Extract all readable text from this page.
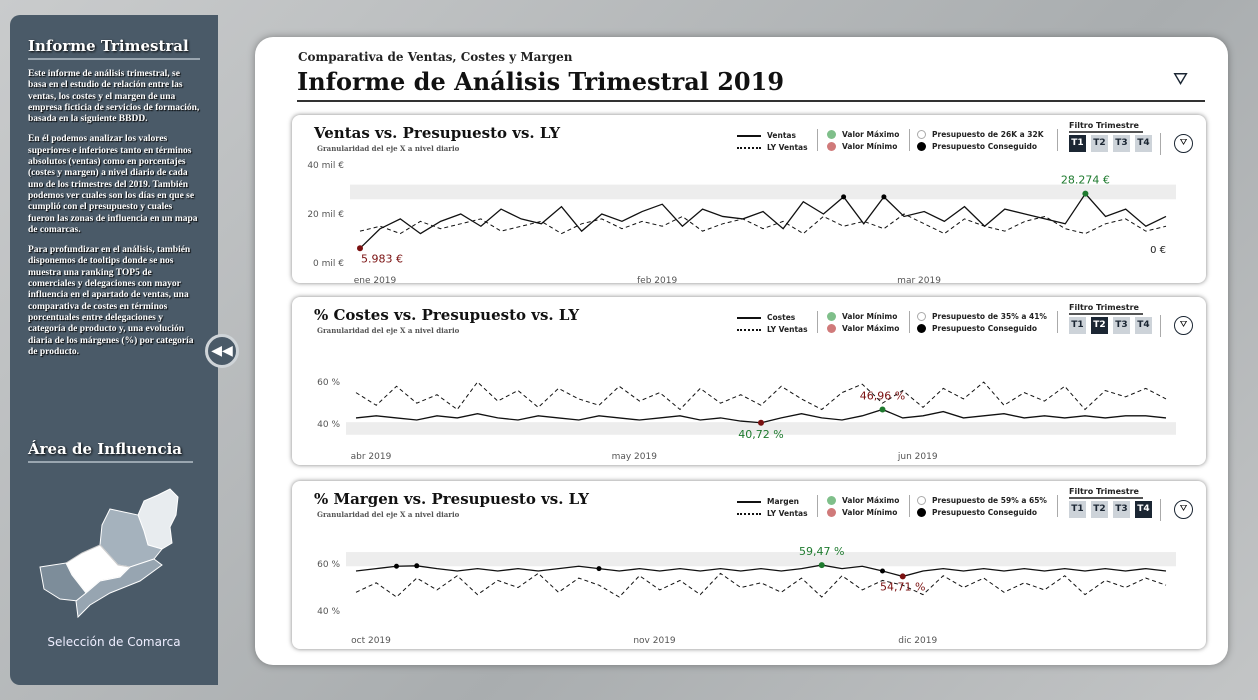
Informe Trimestral

Este informe de análisis trimestral, se basa en el estudio de relación entre las ventas, los costes y el margen de una empresa ficticia de servicios de formación, basada en la siguiente BBDD.

En él podemos analizar los valores superiores e inferiores tanto en términos absolutos (ventas) como en porcentajes (costes y margen) a nivel diario de cada uno de los trimestres del 2019. También podemos ver cuales son los días en que se cumplió con el presupuesto y cuales fueron las zonas de influencia en un mapa de comarcas.

Para profundizar en el análisis, también disponemos de tooltips donde se nos muestra una ranking TOP5 de comerciales y delegaciones con mayor influencia en el apartado de ventas, una comparativa de costes en términos porcentuales entre delegaciones y categoría de producto y, una evolución diaria de los márgenes (%) por categoría de producto.

Área de Influencia
Selección de Comarca
◀◀
Comparativa de Ventas, Costes y Margen
Informe de Análisis Trimestral 2019	⛛
Ventas vs. Presupuesto vs. LY
Granularidad del eje X a nivel diario
Ventas
LY Ventas
Valor Máximo
Valor Mínimo
Presupuesto de 26K a 32K
Presupuesto Conseguido
Filtro Trimestre
T1 T2 T3 T4	⛛
0 mil €
20 mil €
40 mil €
ene 2019	feb 2019	mar 2019
28.274 €
5.983 €
0 €
% Costes vs. Presupuesto vs. LY
Granularidad del eje X a nivel diario
Costes
LY Ventas
Valor Mínimo
Valor Máximo
Presupuesto de 35% a 41%
Presupuesto Conseguido
Filtro Trimestre
T1 T2 T3 T4	⛛
40 %
60 %
abr 2019	may 2019	jun 2019
46,96 %
40,72 %
% Margen vs. Presupuesto vs. LY
Granularidad del eje X a nivel diario
Margen
LY Ventas
Valor Máximo
Valor Mínimo
Presupuesto de 59% a 65%
Presupuesto Conseguido
Filtro Trimestre
T1 T2 T3 T4	⛛
40 %
60 %
oct 2019	nov 2019	dic 2019
59,47 %
54,71 %
